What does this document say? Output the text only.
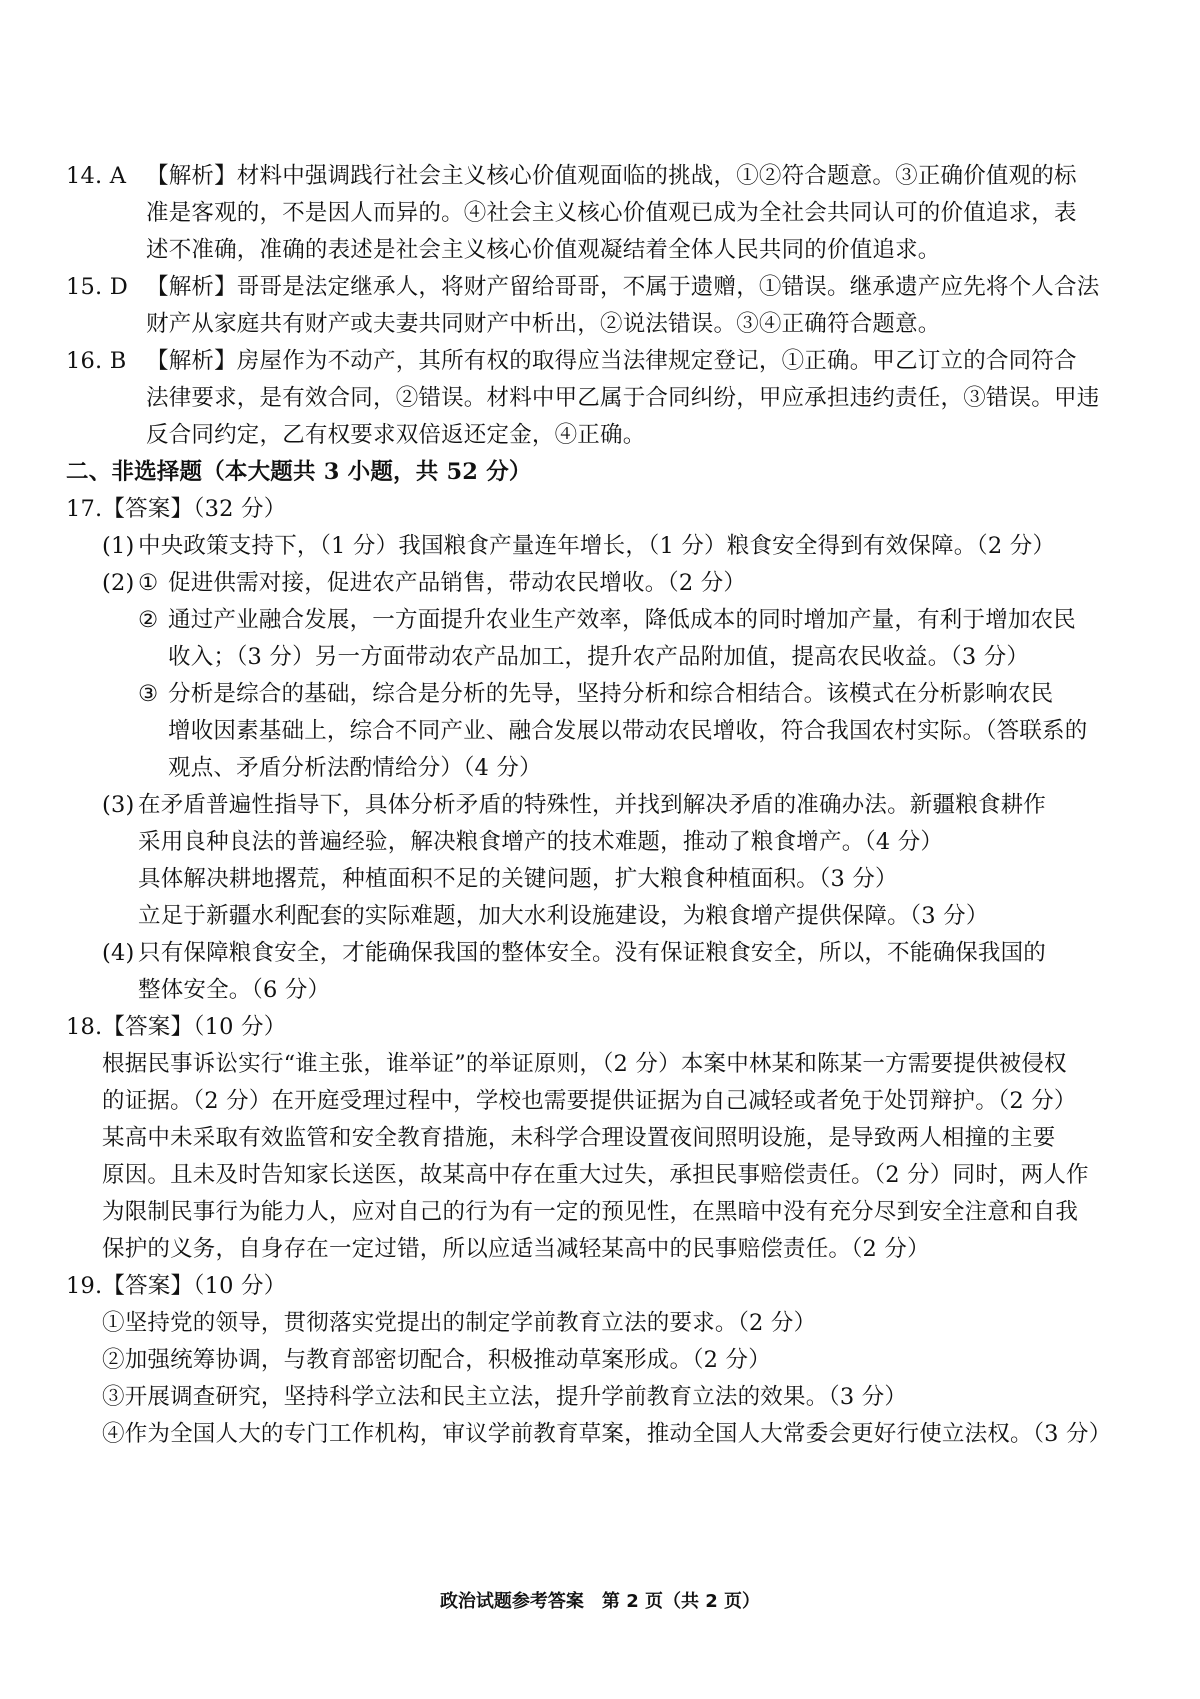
14. A 【解析】材料中强调践行社会主义核心价值观面临的挑战，①②符合题意。③正确价值观的标

准是客观的，不是因人而异的。④社会主义核心价值观已成为全社会共同认可的价值追求，表

述不准确，准确的表述是社会主义核心价值观凝结着全体人民共同的价值追求。

15. D 【解析】哥哥是法定继承人，将财产留给哥哥，不属于遗赠，①错误。继承遗产应先将个人合法

财产从家庭共有财产或夫妻共同财产中析出，②说法错误。③④正确符合题意。

16. B 【解析】房屋作为不动产，其所有权的取得应当法律规定登记，①正确。甲乙订立的合同符合

法律要求，是有效合同，②错误。材料中甲乙属于合同纠纷，甲应承担违约责任，③错误。甲违

反合同约定，乙有权要求双倍返还定金，④正确。

二、非选择题（本大题共 3 小题，共 52 分）

17.【答案】（32 分）

(1) 中央政策支持下，（1 分）我国粮食产量连年增长，（1 分）粮食安全得到有效保障。（2 分）

(2) ① 促进供需对接，促进农产品销售，带动农民增收。（2 分）

② 通过产业融合发展，一方面提升农业生产效率，降低成本的同时增加产量，有利于增加农民

收入；（3 分）另一方面带动农产品加工，提升农产品附加值，提高农民收益。（3 分）

③ 分析是综合的基础，综合是分析的先导，坚持分析和综合相结合。该模式在分析影响农民

增收因素基础上，综合不同产业、融合发展以带动农民增收，符合我国农村实际。（答联系的

观点、矛盾分析法酌情给分）（4 分）

(3) 在矛盾普遍性指导下，具体分析矛盾的特殊性，并找到解决矛盾的准确办法。新疆粮食耕作

采用良种良法的普遍经验，解决粮食增产的技术难题，推动了粮食增产。（4 分）

具体解决耕地撂荒，种植面积不足的关键问题，扩大粮食种植面积。（3 分）

立足于新疆水利配套的实际难题，加大水利设施建设，为粮食增产提供保障。（3 分）

(4) 只有保障粮食安全，才能确保我国的整体安全。没有保证粮食安全，所以，不能确保我国的

整体安全。（6 分）

18.【答案】（10 分）

根据民事诉讼实行“谁主张，谁举证”的举证原则，（2 分）本案中林某和陈某一方需要提供被侵权

的证据。（2 分）在开庭受理过程中，学校也需要提供证据为自己减轻或者免于处罚辩护。（2 分）

某高中未采取有效监管和安全教育措施，未科学合理设置夜间照明设施，是导致两人相撞的主要

原因。且未及时告知家长送医，故某高中存在重大过失，承担民事赔偿责任。（2 分）同时，两人作

为限制民事行为能力人，应对自己的行为有一定的预见性，在黑暗中没有充分尽到安全注意和自我

保护的义务，自身存在一定过错，所以应适当减轻某高中的民事赔偿责任。（2 分）

19.【答案】（10 分）

①坚持党的领导，贯彻落实党提出的制定学前教育立法的要求。（2 分）

②加强统筹协调，与教育部密切配合，积极推动草案形成。（2 分）

③开展调查研究，坚持科学立法和民主立法，提升学前教育立法的效果。（3 分）

④作为全国人大的专门工作机构，审议学前教育草案，推动全国人大常委会更好行使立法权。（3 分）

政治试题参考答案　第 2 页（共 2 页）
